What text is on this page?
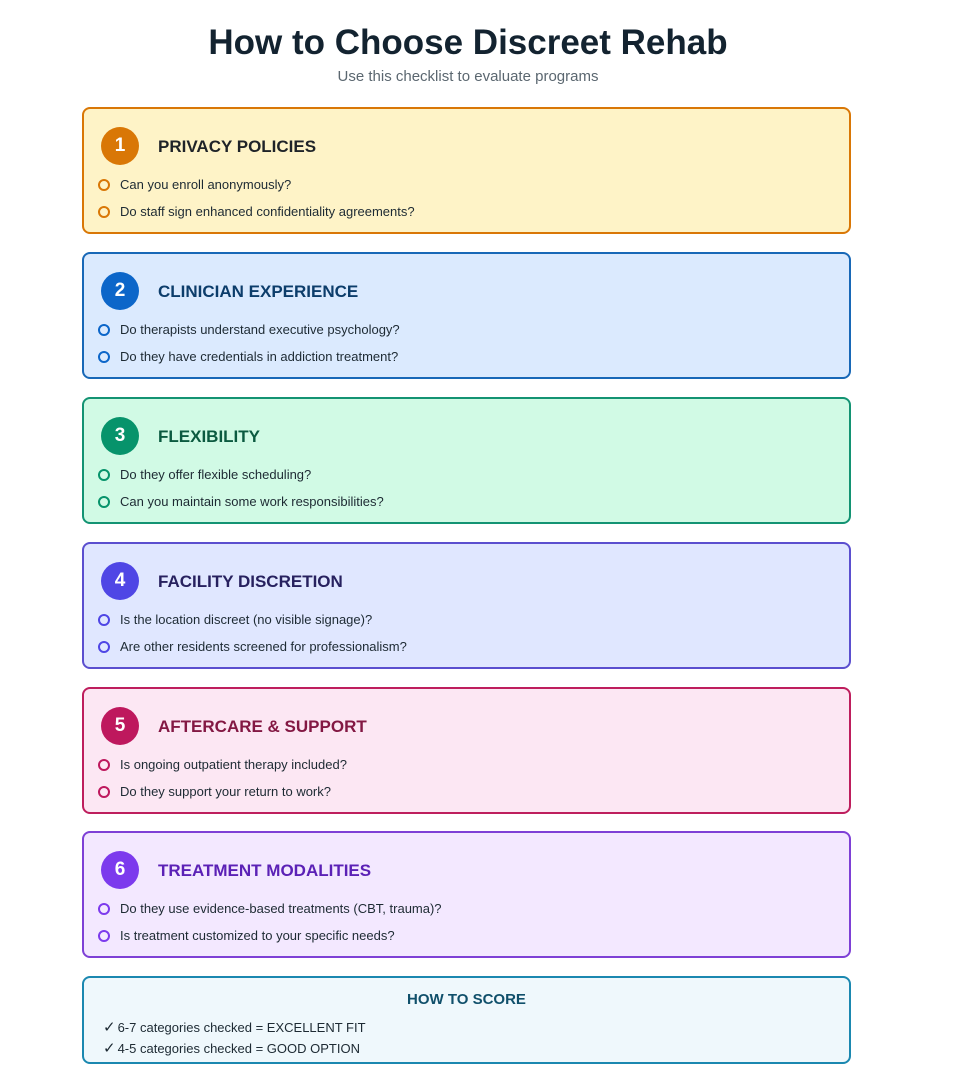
How to Choose Discreet Rehab
Use this checklist to evaluate programs
1	PRIVACY POLICIES
Can you enroll anonymously?
Do staff sign enhanced confidentiality agreements?
2	CLINICIAN EXPERIENCE
Do therapists understand executive psychology?
Do they have credentials in addiction treatment?
3	FLEXIBILITY
Do they offer flexible scheduling?
Can you maintain some work responsibilities?
4	FACILITY DISCRETION
Is the location discreet (no visible signage)?
Are other residents screened for professionalism?
5	AFTERCARE & SUPPORT
Is ongoing outpatient therapy included?
Do they support your return to work?
6	TREATMENT MODALITIES
Do they use evidence-based treatments (CBT, trauma)?
Is treatment customized to your specific needs?
HOW TO SCORE
✓ 6-7 categories checked = EXCELLENT FIT
✓ 4-5 categories checked = GOOD OPTION
